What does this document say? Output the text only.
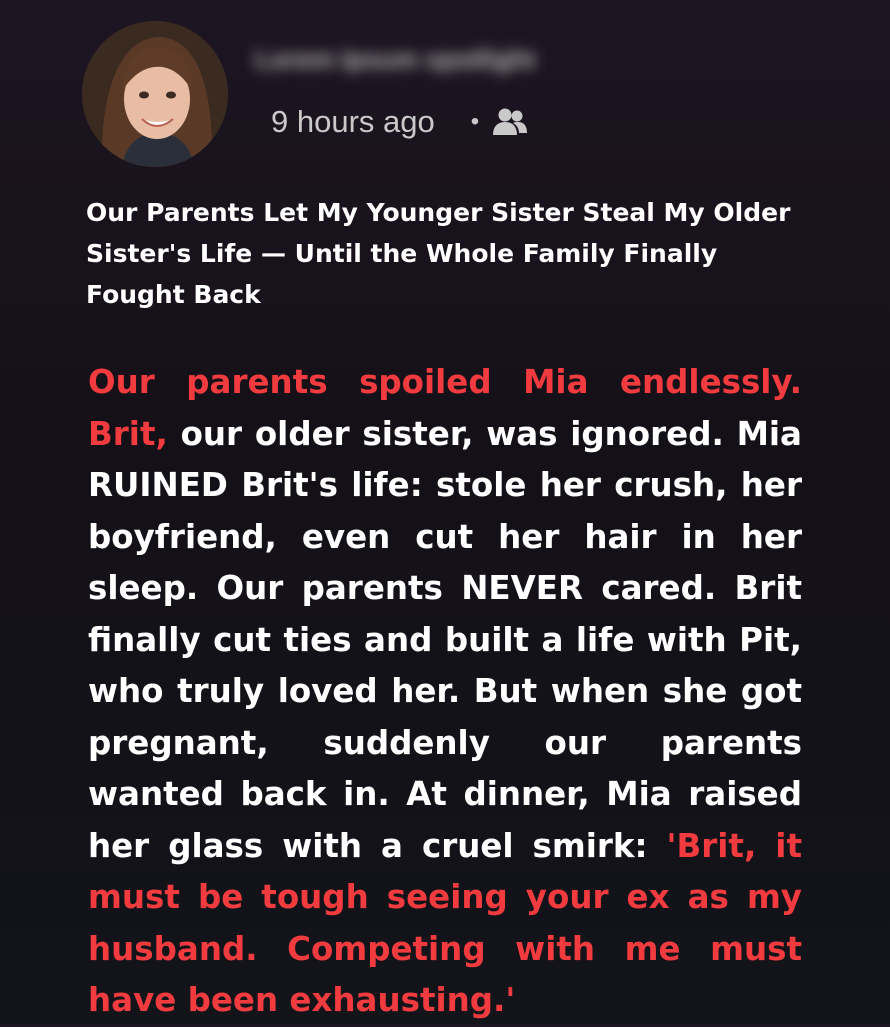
Lorem Ipsum spotlight
9 hours ago •
Our Parents Let My Younger Sister Steal My Older Sister's Life — Until the Whole Family Finally Fought Back

Our parents spoiled Mia endlessly. Brit, our older sister, was ignored. Mia RUINED Brit's life: stole her crush, her boyfriend, even cut her hair in her sleep. Our parents NEVER cared. Brit finally cut ties and built a life with Pit, who truly loved her. But when she got pregnant, suddenly our parents wanted back in. At dinner, Mia raised her glass with a cruel smirk: 'Brit, it must be tough seeing your ex as my husband. Competing with me must have been exhausting.'
